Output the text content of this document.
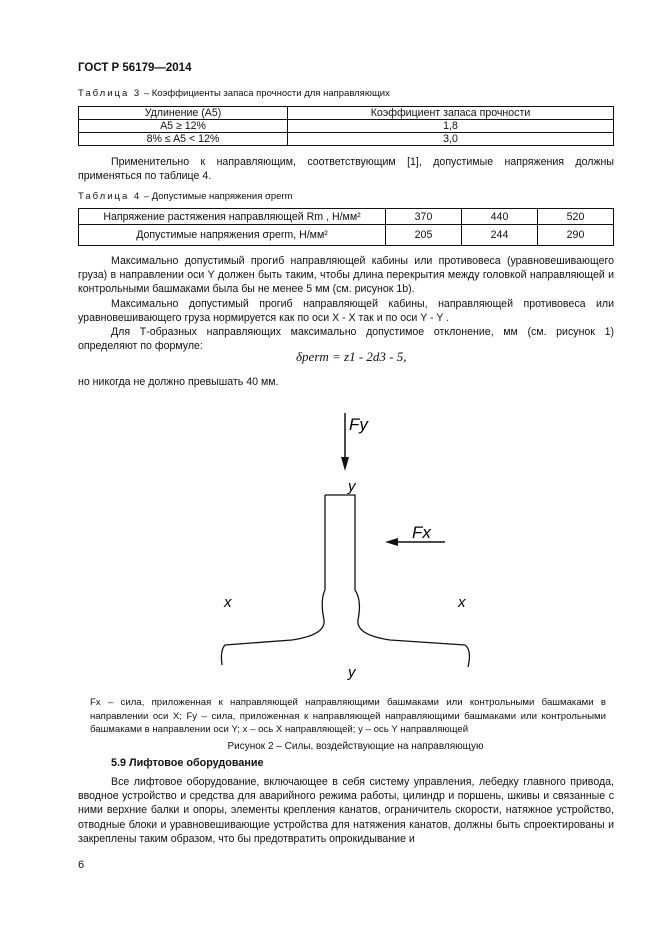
ГОСТ Р 56179—2014
Таблица 3 – Коэффициенты запаса прочности для направляющих
Удлинение (A5)	Коэффициент запаса прочности
A5 ≥ 12%	1,8
8% ≤ A5 < 12%	3,0

Применительно к направляющим, соответствующим [1], допустимые напряжения должны применяться по таблице 4.

Таблица 4 – Допустимые напряжения σperm
Напряжение растяжения направляющей Rm , Н/мм²	370	440	520
Допустимые напряжения σperm, Н/мм²	205	244	290

Максимально допустимый прогиб направляющей кабины или противовеса (уравновешивающего груза) в направлении оси Y должен быть таким, чтобы длина перекрытия между головкой направляющей и контрольными башмаками была бы не менее 5 мм (см. рисунок 1b).

Максимально допустимый прогиб направляющей кабины, направляющей противовеса или уравновешивающего груза нормируется как по оси X - X так и по оси Y - Y .

Для Т-образных направляющих максимально допустимое отклонение, мм (см. рисунок 1) определяют по формуле:

δperm = z1 - 2d3 - 5,

но никогда не должно превышать 40 мм.

Fy
y
Fx
x	x
y
Fx – сила, приложенная к направляющей направляющими башмаками или контрольными башмаками в направлении оси X; Fy – сила, приложенная к направляющей направляющими башмаками или контрольными башмаками в направлении оси Y; x – ось X направляющей; y – ось Y направляющей
Рисунок 2 – Силы, воздействующие на направляющую
5.9 Лифтовое оборудование

Все лифтовое оборудование, включающее в себя систему управления, лебедку главного привода, вводное устройство и средства для аварийного режима работы, цилиндр и поршень, шкивы и связанные с ними верхние балки и опоры, элементы крепления канатов, ограничитель скорости, натяжное устройство, отводные блоки и уравновешивающие устройства для натяжения канатов, должны быть спроектированы и закреплены таким образом, что бы предотвратить опрокидывание и

6
